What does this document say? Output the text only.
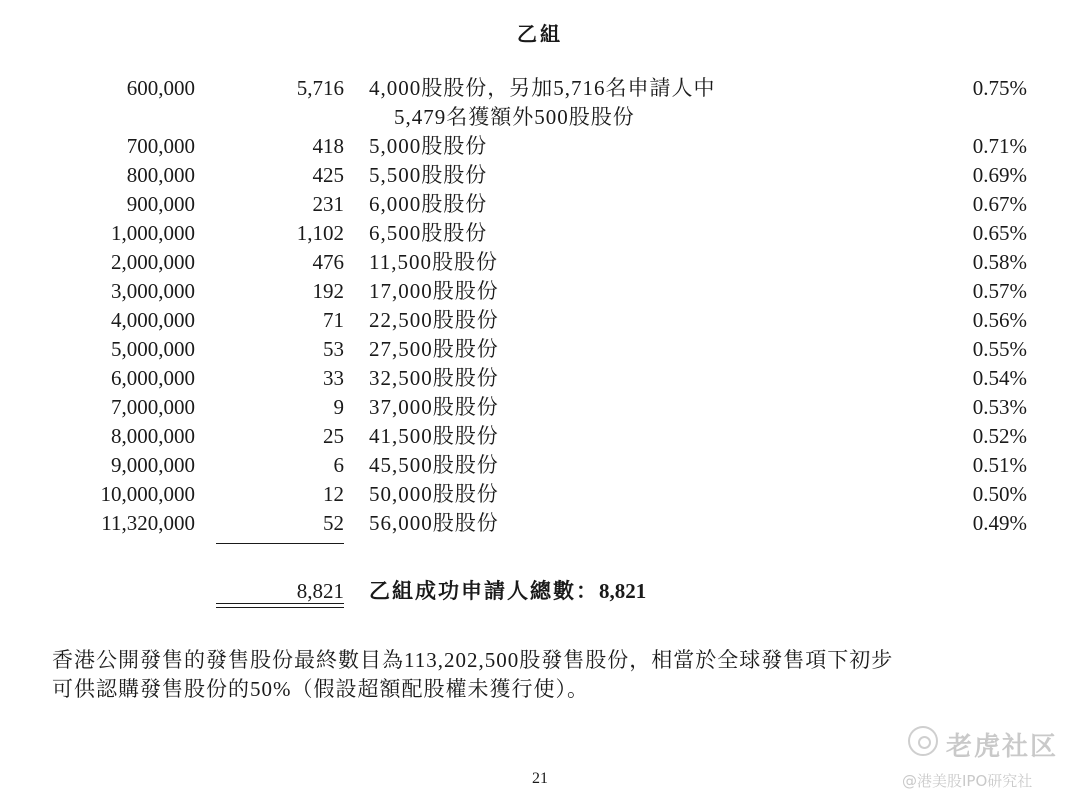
乙組
600,000	5,716 4,000股股份，另加5,716名申請人中	0.75%
5,479名獲額外500股股份
700,000	418 5,000股股份	0.71%
800,000	425 5,500股股份	0.69%
900,000	231 6,000股股份	0.67%
1,000,000	1,102 6,500股股份	0.65%
2,000,000	476 11,500股股份	0.58%
3,000,000	192 17,000股股份	0.57%
4,000,000	71 22,500股股份	0.56%
5,000,000	53 27,500股股份	0.55%
6,000,000	33 32,500股股份	0.54%
7,000,000	9 37,000股股份	0.53%
8,000,000	25 41,500股股份	0.52%
9,000,000	6 45,500股股份	0.51%
10,000,000	12 50,000股股份	0.50%
11,320,000	52 56,000股股份	0.49%
8,821 乙組成功申請人總數：8,821
香港公開發售的發售股份最終數目為113,202,500股發售股份，相當於全球發售項下初步
可供認購發售股份的50%（假設超額配股權未獲行使）。
21
老虎社区
@港美股IPO研究社
